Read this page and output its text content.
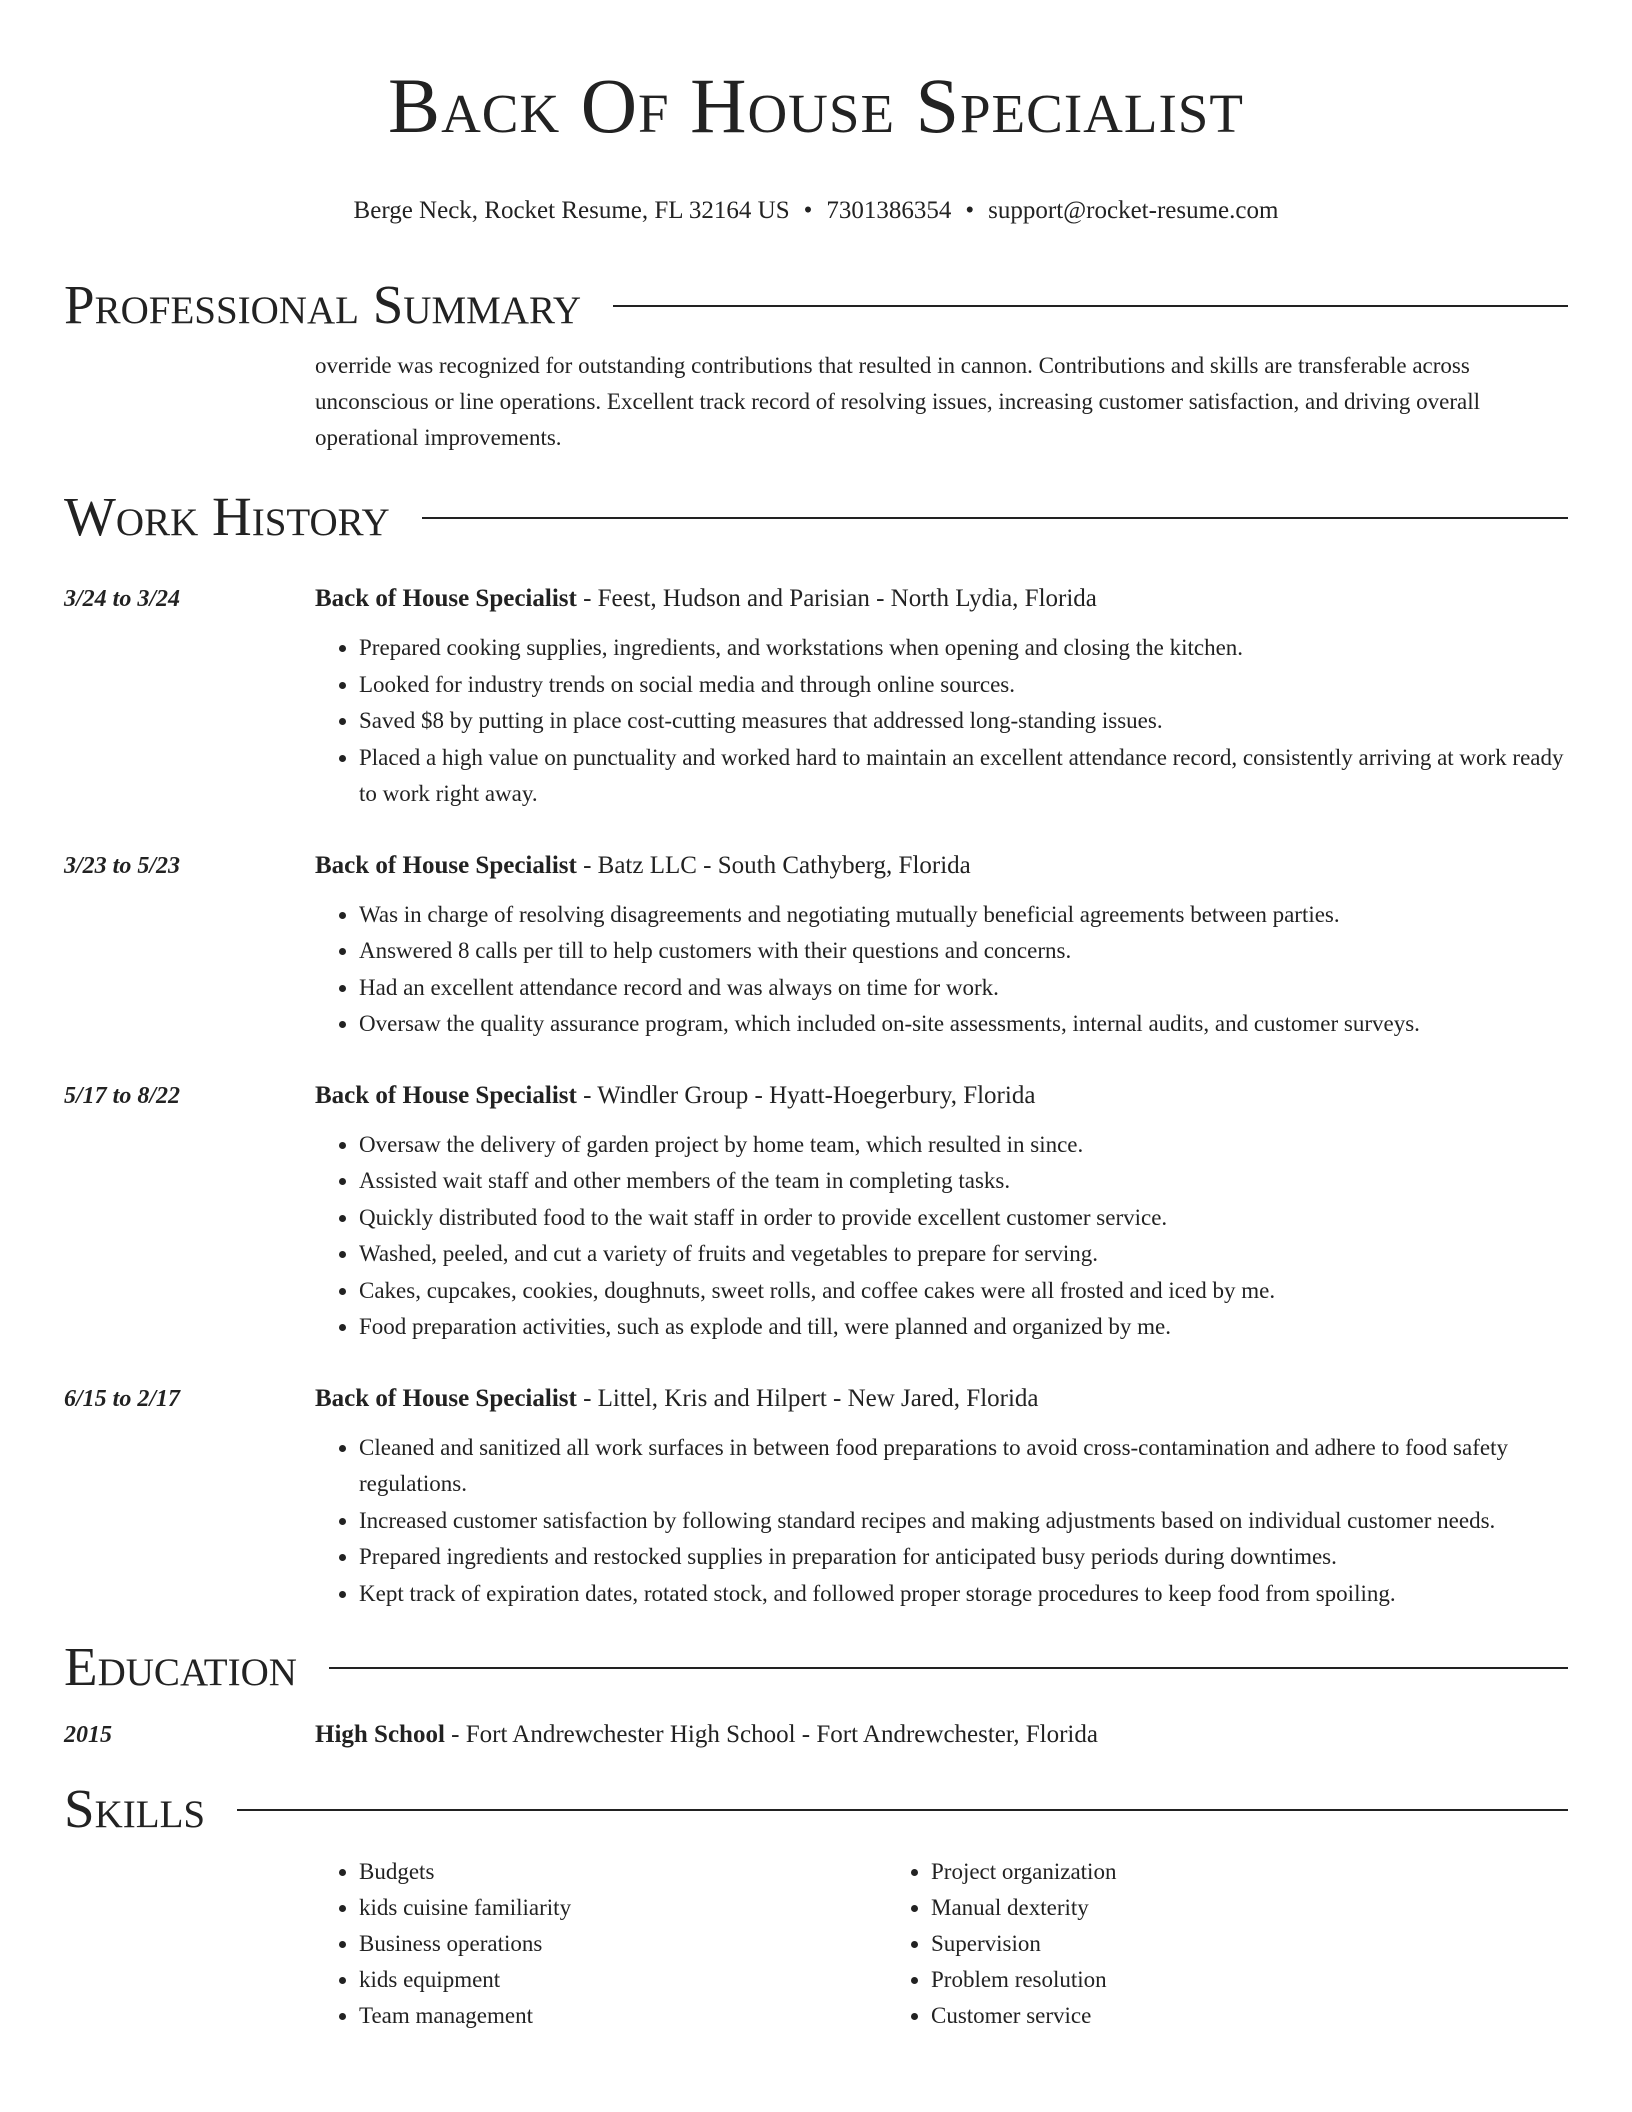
Back Of House Specialist
Berge Neck, Rocket Resume, FL 32164 US • 7301386354 • support@rocket-resume.com
Professional Summary
override was recognized for outstanding contributions that resulted in cannon. Contributions and skills are transferable across unconscious or line operations. Excellent track record of resolving issues, increasing customer satisfaction, and driving overall operational improvements.
Work History
3/24 to 3/24	Back of House Specialist - Feest, Hudson and Parisian - North Lydia, Florida
• Prepared cooking supplies, ingredients, and workstations when opening and closing the kitchen.
• Looked for industry trends on social media and through online sources.
• Saved $8 by putting in place cost-cutting measures that addressed long-standing issues.
• Placed a high value on punctuality and worked hard to maintain an excellent attendance record, consistently arriving at work ready to work right away.
3/23 to 5/23	Back of House Specialist - Batz LLC - South Cathyberg, Florida
• Was in charge of resolving disagreements and negotiating mutually beneficial agreements between parties.
• Answered 8 calls per till to help customers with their questions and concerns.
• Had an excellent attendance record and was always on time for work.
• Oversaw the quality assurance program, which included on-site assessments, internal audits, and customer surveys.
5/17 to 8/22	Back of House Specialist - Windler Group - Hyatt-Hoegerbury, Florida
• Oversaw the delivery of garden project by home team, which resulted in since.
• Assisted wait staff and other members of the team in completing tasks.
• Quickly distributed food to the wait staff in order to provide excellent customer service.
• Washed, peeled, and cut a variety of fruits and vegetables to prepare for serving.
• Cakes, cupcakes, cookies, doughnuts, sweet rolls, and coffee cakes were all frosted and iced by me.
• Food preparation activities, such as explode and till, were planned and organized by me.
6/15 to 2/17	Back of House Specialist - Littel, Kris and Hilpert - New Jared, Florida
• Cleaned and sanitized all work surfaces in between food preparations to avoid cross-contamination and adhere to food safety regulations.
• Increased customer satisfaction by following standard recipes and making adjustments based on individual customer needs.
• Prepared ingredients and restocked supplies in preparation for anticipated busy periods during downtimes.
• Kept track of expiration dates, rotated stock, and followed proper storage procedures to keep food from spoiling.
Education
2015	High School - Fort Andrewchester High School - Fort Andrewchester, Florida
Skills
• Budgets
• kids cuisine familiarity
• Business operations
• kids equipment
• Team management
• Project organization
• Manual dexterity
• Supervision
• Problem resolution
• Customer service
